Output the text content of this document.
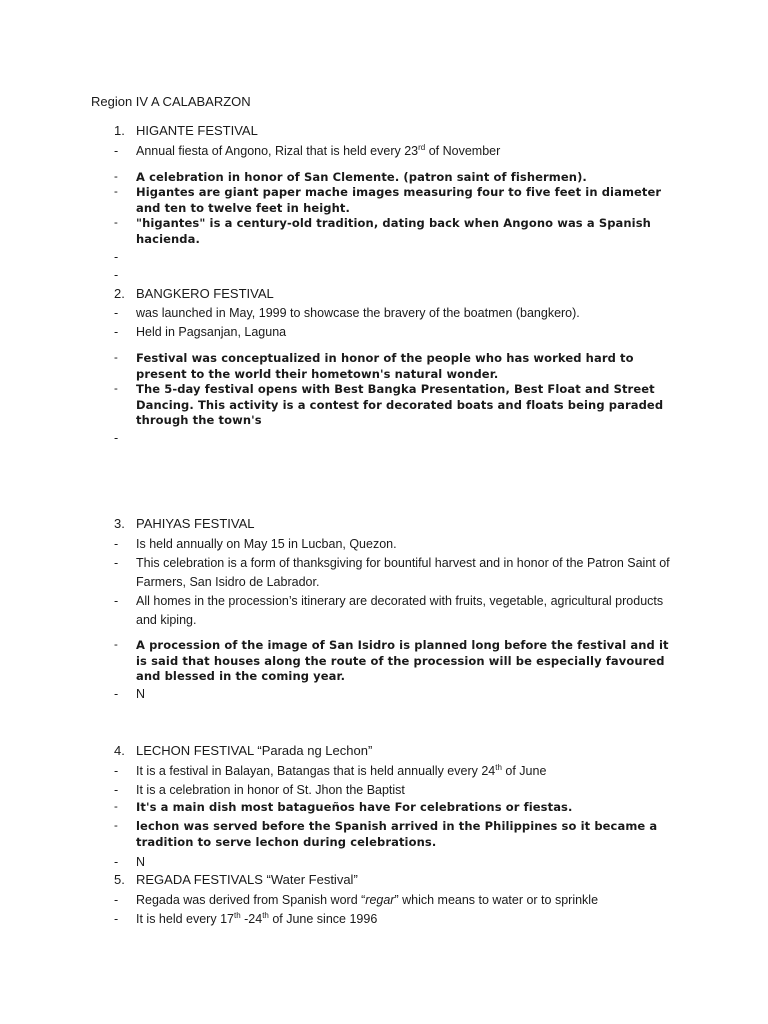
Region IV A CALABARZON
1. HIGANTE FESTIVAL
- Annual fiesta of Angono, Rizal that is held every 23rd of November
- A celebration in honor of San Clemente. (patron saint of fishermen).
- Higantes are giant paper mache images measuring four to five feet in diameter and ten to twelve feet in height.
- "higantes" is a century-old tradition, dating back when Angono was a Spanish hacienda.
-
-
2. BANGKERO FESTIVAL
- was launched in May, 1999 to showcase the bravery of the boatmen (bangkero).
- Held in Pagsanjan, Laguna
- Festival was conceptualized in honor of the people who has worked hard to present to the world their hometown's natural wonder.
- The 5-day festival opens with Best Bangka Presentation, Best Float and Street Dancing. This activity is a contest for decorated boats and floats being paraded through the town's
-
3. PAHIYAS FESTIVAL
- Is held annually on May 15 in Lucban, Quezon.
- This celebration is a form of thanksgiving for bountiful harvest and in honor of the Patron Saint of Farmers, San Isidro de Labrador.
- All homes in the procession’s itinerary are decorated with fruits, vegetable, agricultural products and kiping.
- A procession of the image of San Isidro is planned long before the festival and it is said that houses along the route of the procession will be especially favoured and blessed in the coming year.
- N
4. LECHON FESTIVAL “Parada ng Lechon”
- It is a festival in Balayan, Batangas that is held annually every 24th of June
- It is a celebration in honor of St. Jhon the Baptist
- It's a main dish most batagueños have For celebrations or fiestas.
- lechon was served before the Spanish arrived in the Philippines so it became a tradition to serve lechon during celebrations.
- N
5. REGADA FESTIVALS “Water Festival”
- Regada was derived from Spanish word “regar” which means to water or to sprinkle
- It is held every 17th -24th of June since 1996
